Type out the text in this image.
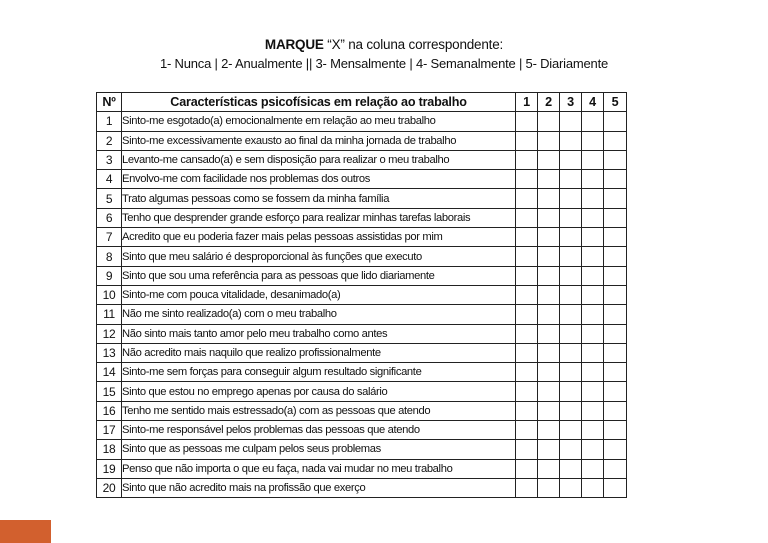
MARQUE “X” na coluna correspondente:
1- Nunca | 2- Anualmente || 3- Mensalmente | 4- Semanalmente | 5- Diariamente
Nº	Características psicofísicas em relação ao trabalho	1	2	3	4	5
1	Sinto-me esgotado(a) emocionalmente em relação ao meu trabalho					
2	Sinto-me excessivamente exausto ao final da minha jornada de trabalho					
3	Levanto-me cansado(a) e sem disposição para realizar o meu trabalho					
4	Envolvo-me com facilidade nos problemas dos outros					
5	Trato algumas pessoas como se fossem da minha família					
6	Tenho que desprender grande esforço para realizar minhas tarefas laborais					
7	Acredito que eu poderia fazer mais pelas pessoas assistidas por mim					
8	Sinto que meu salário é desproporcional às funções que executo					
9	Sinto que sou uma referência para as pessoas que lido diariamente					
10	Sinto-me com pouca vitalidade, desanimado(a)					
11	Não me sinto realizado(a) com o meu trabalho					
12	Não sinto mais tanto amor pelo meu trabalho como antes					
13	Não acredito mais naquilo que realizo profissionalmente					
14	Sinto-me sem forças para conseguir algum resultado significante					
15	Sinto que estou no emprego apenas por causa do salário					
16	Tenho me sentido mais estressado(a) com as pessoas que atendo					
17	Sinto-me responsável pelos problemas das pessoas que atendo					
18	Sinto que as pessoas me culpam pelos seus problemas					
19	Penso que não importa o que eu faça, nada vai mudar no meu trabalho					
20	Sinto que não acredito mais na profissão que exerço					
